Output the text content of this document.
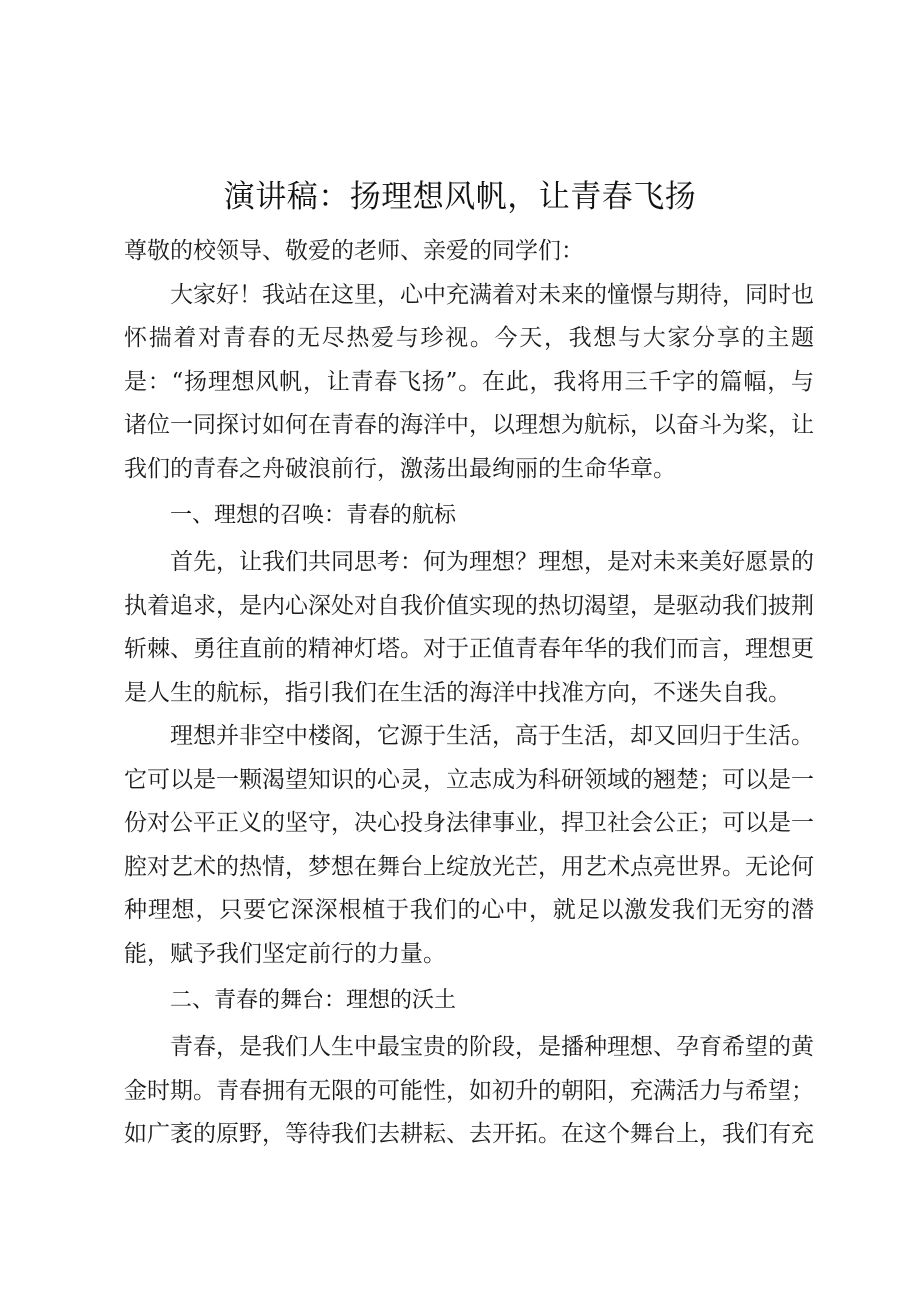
演讲稿：扬理想风帆，让青春飞扬

尊敬的校领导、敬爱的老师、亲爱的同学们：

大家好！我站在这里，心中充满着对未来的憧憬与期待，同时也怀揣着对青春的无尽热爱与珍视。今天，我想与大家分享的主题是：“扬理想风帆，让青春飞扬”。在此，我将用三千字的篇幅，与诸位一同探讨如何在青春的海洋中，以理想为航标，以奋斗为桨，让我们的青春之舟破浪前行，激荡出最绚丽的生命华章。

一、理想的召唤：青春的航标

首先，让我们共同思考：何为理想？理想，是对未来美好愿景的执着追求，是内心深处对自我价值实现的热切渴望，是驱动我们披荆斩棘、勇往直前的精神灯塔。对于正值青春年华的我们而言，理想更是人生的航标，指引我们在生活的海洋中找准方向，不迷失自我。

理想并非空中楼阁，它源于生活，高于生活，却又回归于生活。它可以是一颗渴望知识的心灵，立志成为科研领域的翘楚；可以是一份对公平正义的坚守，决心投身法律事业，捍卫社会公正；可以是一腔对艺术的热情，梦想在舞台上绽放光芒，用艺术点亮世界。无论何种理想，只要它深深根植于我们的心中，就足以激发我们无穷的潜能，赋予我们坚定前行的力量。

二、青春的舞台：理想的沃土

青春，是我们人生中最宝贵的阶段，是播种理想、孕育希望的黄金时期。青春拥有无限的可能性，如初升的朝阳，充满活力与希望；如广袤的原野，等待我们去耕耘、去开拓。在这个舞台上，我们有充
